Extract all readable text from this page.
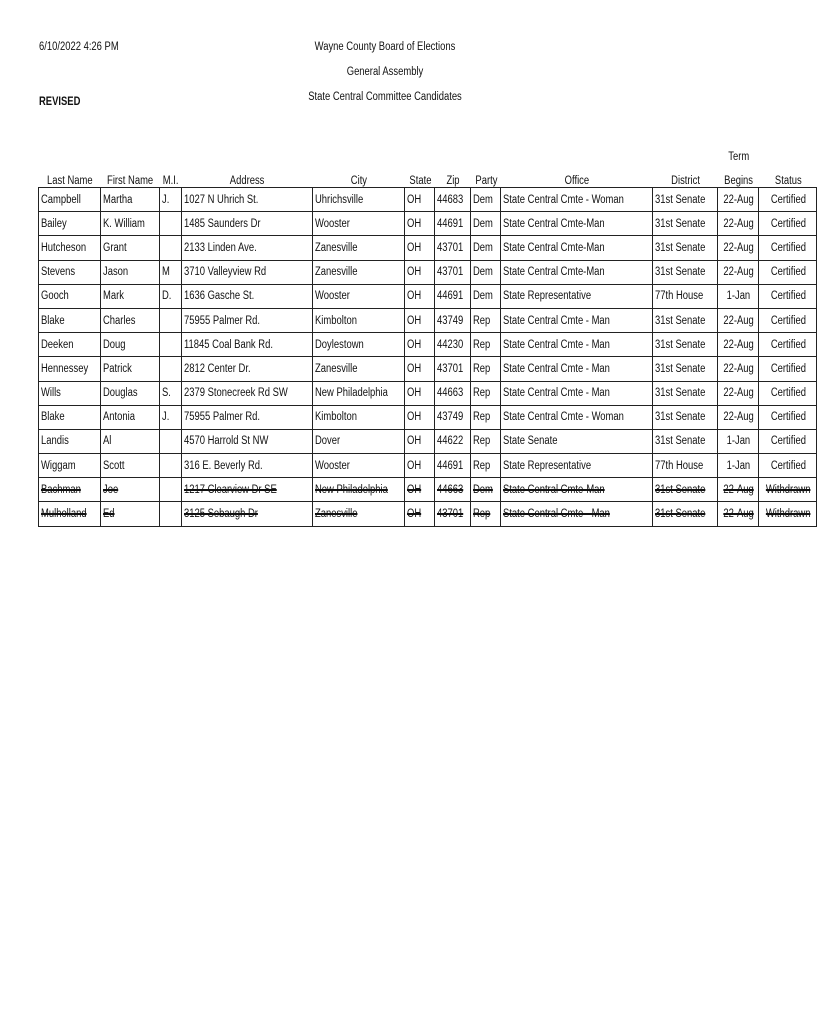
6/10/2022 4:26 PM
REVISED
Wayne County Board of Elections
General Assembly
State Central Committee Candidates
										Term	
Last Name	First Name	M.I.	Address	City	State	Zip	Party	Office	District	Begins	Status
Campbell	Martha	J.	1027 N Uhrich St.	Uhrichsville	OH	44683	Dem	State Central Cmte - Woman	31st Senate	22-Aug	Certified
Bailey	K. William		1485 Saunders Dr	Wooster	OH	44691	Dem	State Central Cmte-Man	31st Senate	22-Aug	Certified
Hutcheson	Grant		2133 Linden Ave.	Zanesville	OH	43701	Dem	State Central Cmte-Man	31st Senate	22-Aug	Certified
Stevens	Jason	M	3710 Valleyview Rd	Zanesville	OH	43701	Dem	State Central Cmte-Man	31st Senate	22-Aug	Certified
Gooch	Mark	D.	1636 Gasche St.	Wooster	OH	44691	Dem	State Representative	77th House	1-Jan	Certified
Blake	Charles		75955 Palmer Rd.	Kimbolton	OH	43749	Rep	State Central Cmte - Man	31st Senate	22-Aug	Certified
Deeken	Doug		11845 Coal Bank Rd.	Doylestown	OH	44230	Rep	State Central Cmte - Man	31st Senate	22-Aug	Certified
Hennessey	Patrick		2812 Center Dr.	Zanesville	OH	43701	Rep	State Central Cmte - Man	31st Senate	22-Aug	Certified
Wills	Douglas	S.	2379 Stonecreek Rd SW	New Philadelphia	OH	44663	Rep	State Central Cmte - Man	31st Senate	22-Aug	Certified
Blake	Antonia	J.	75955 Palmer Rd.	Kimbolton	OH	43749	Rep	State Central Cmte - Woman	31st Senate	22-Aug	Certified
Landis	Al		4570 Harrold St NW	Dover	OH	44622	Rep	State Senate	31st Senate	1-Jan	Certified
Wiggam	Scott		316 E. Beverly Rd.	Wooster	OH	44691	Rep	State Representative	77th House	1-Jan	Certified
Bachman	Joe		1217 Clearview Dr SE	New Philadelphia	OH	44663	Dem	State Central Cmte-Man	31st Senate	22-Aug	Withdrawn
Mulholland	Ed		3125 Sebaugh Dr	Zanesville	OH	43701	Rep	State Central Cmte - Man	31st Senate	22-Aug	Withdrawn
